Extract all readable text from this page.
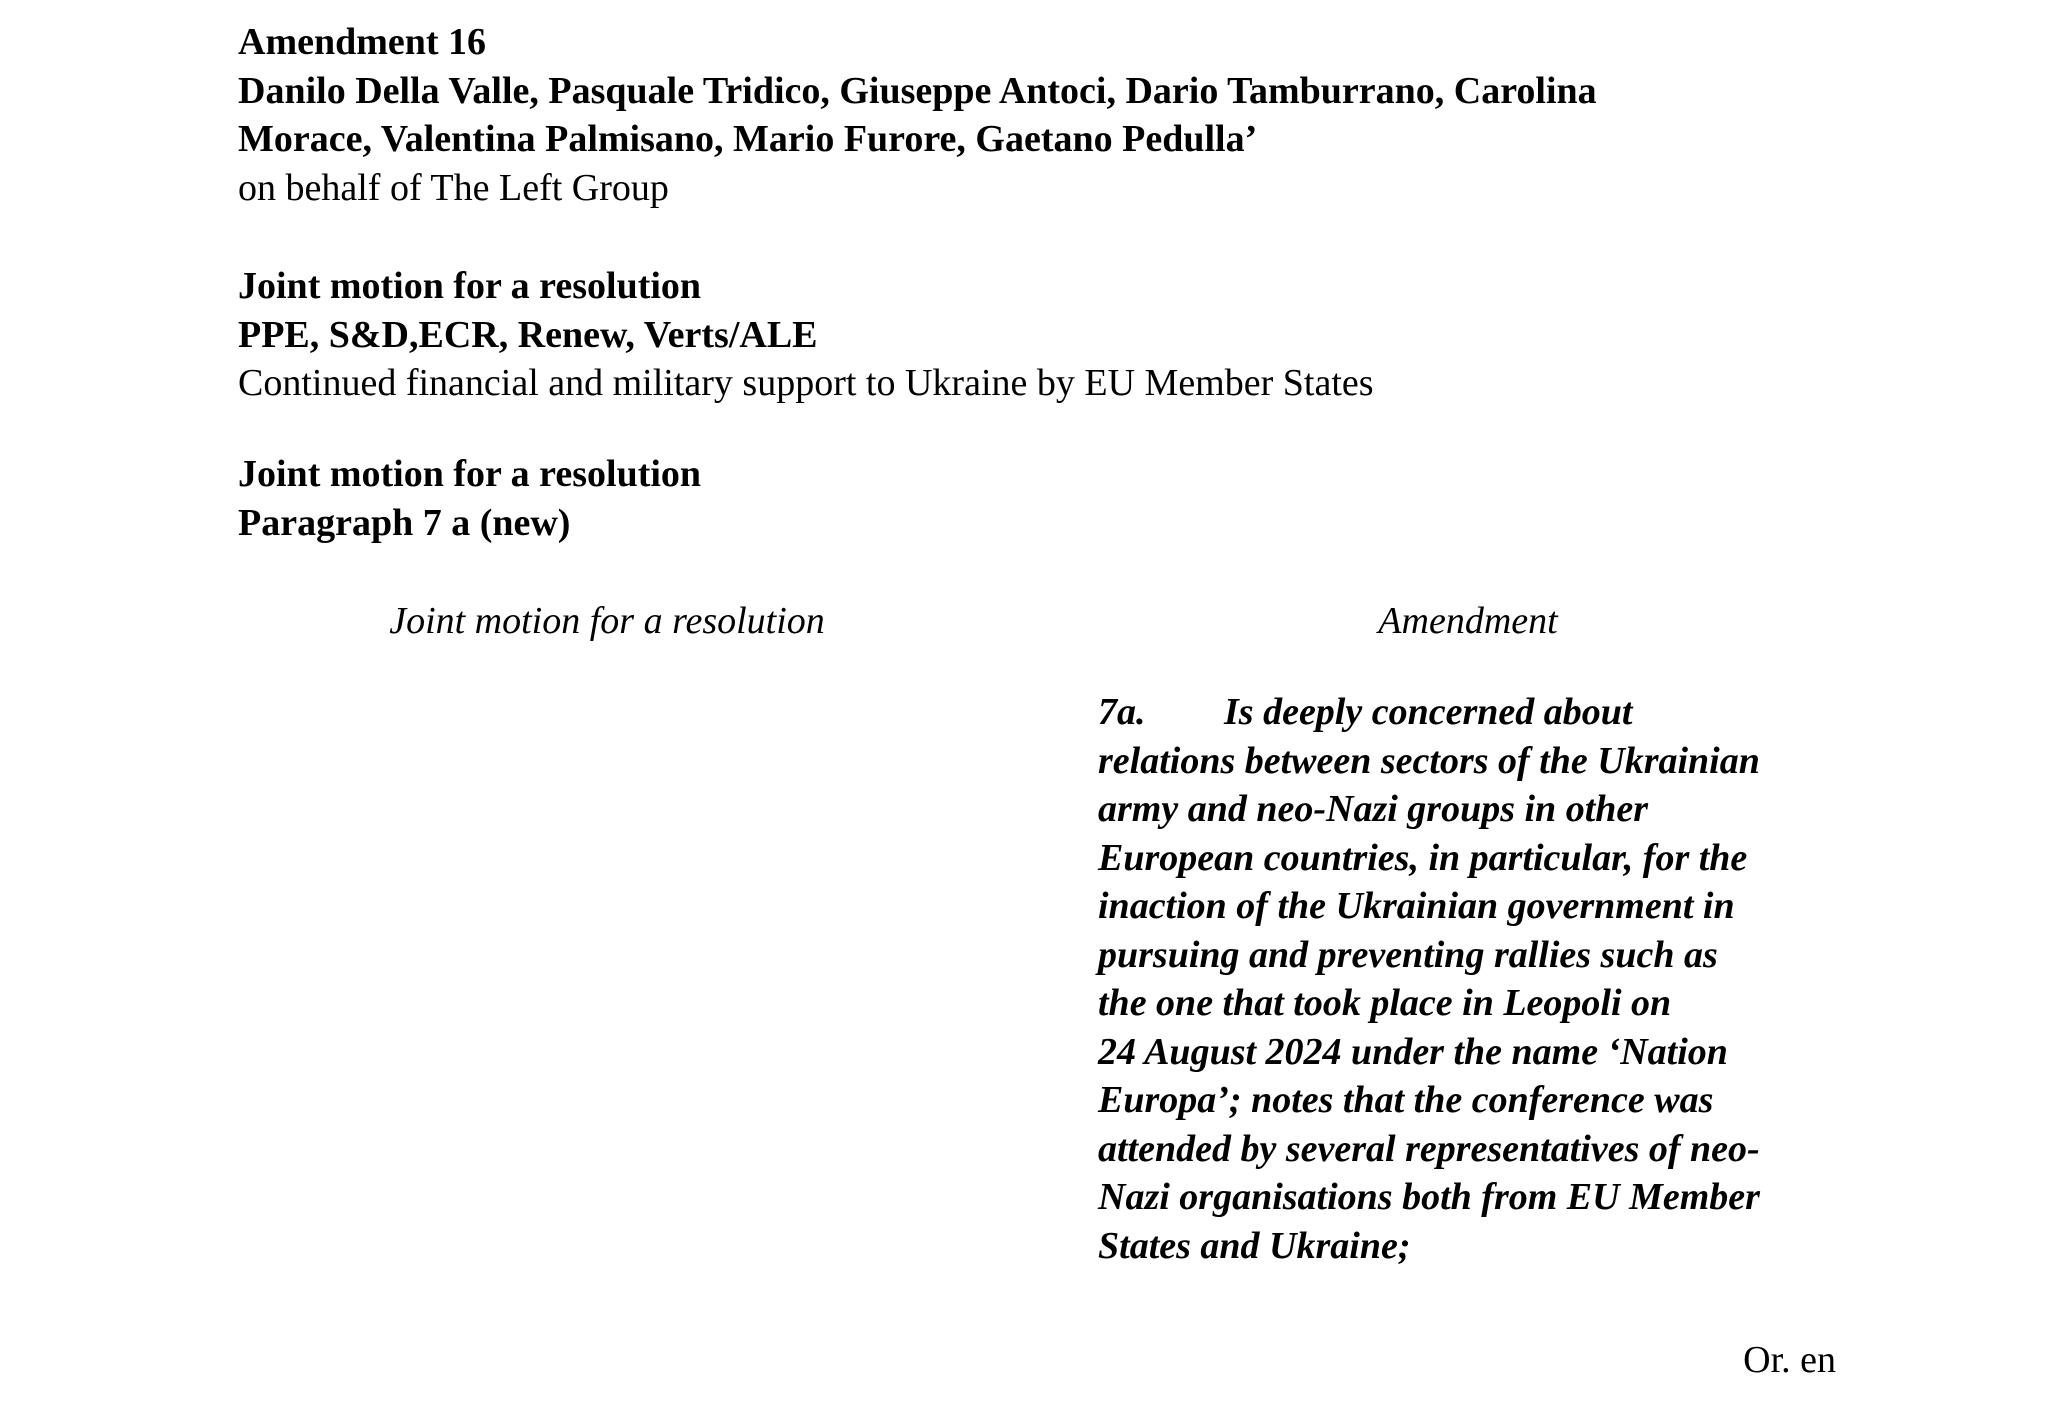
Amendment 16
Danilo Della Valle, Pasquale Tridico, Giuseppe Antoci, Dario Tamburrano, Carolina
Morace, Valentina Palmisano, Mario Furore, Gaetano Pedulla’
on behalf of The Left Group
Joint motion for a resolution
PPE, S&D,ECR, Renew, Verts/ALE
Continued financial and military support to Ukraine by EU Member States
Joint motion for a resolution
Paragraph 7 a (new)
Joint motion for a resolution	Amendment
7a. Is deeply concerned about
relations between sectors of the Ukrainian
army and neo-Nazi groups in other
European countries, in particular, for the
inaction of the Ukrainian government in
pursuing and preventing rallies such as
the one that took place in Leopoli on
24 August 2024 under the name ‘Nation
Europa’; notes that the conference was
attended by several representatives of neo-
Nazi organisations both from EU Member
States and Ukraine;
Or. en
